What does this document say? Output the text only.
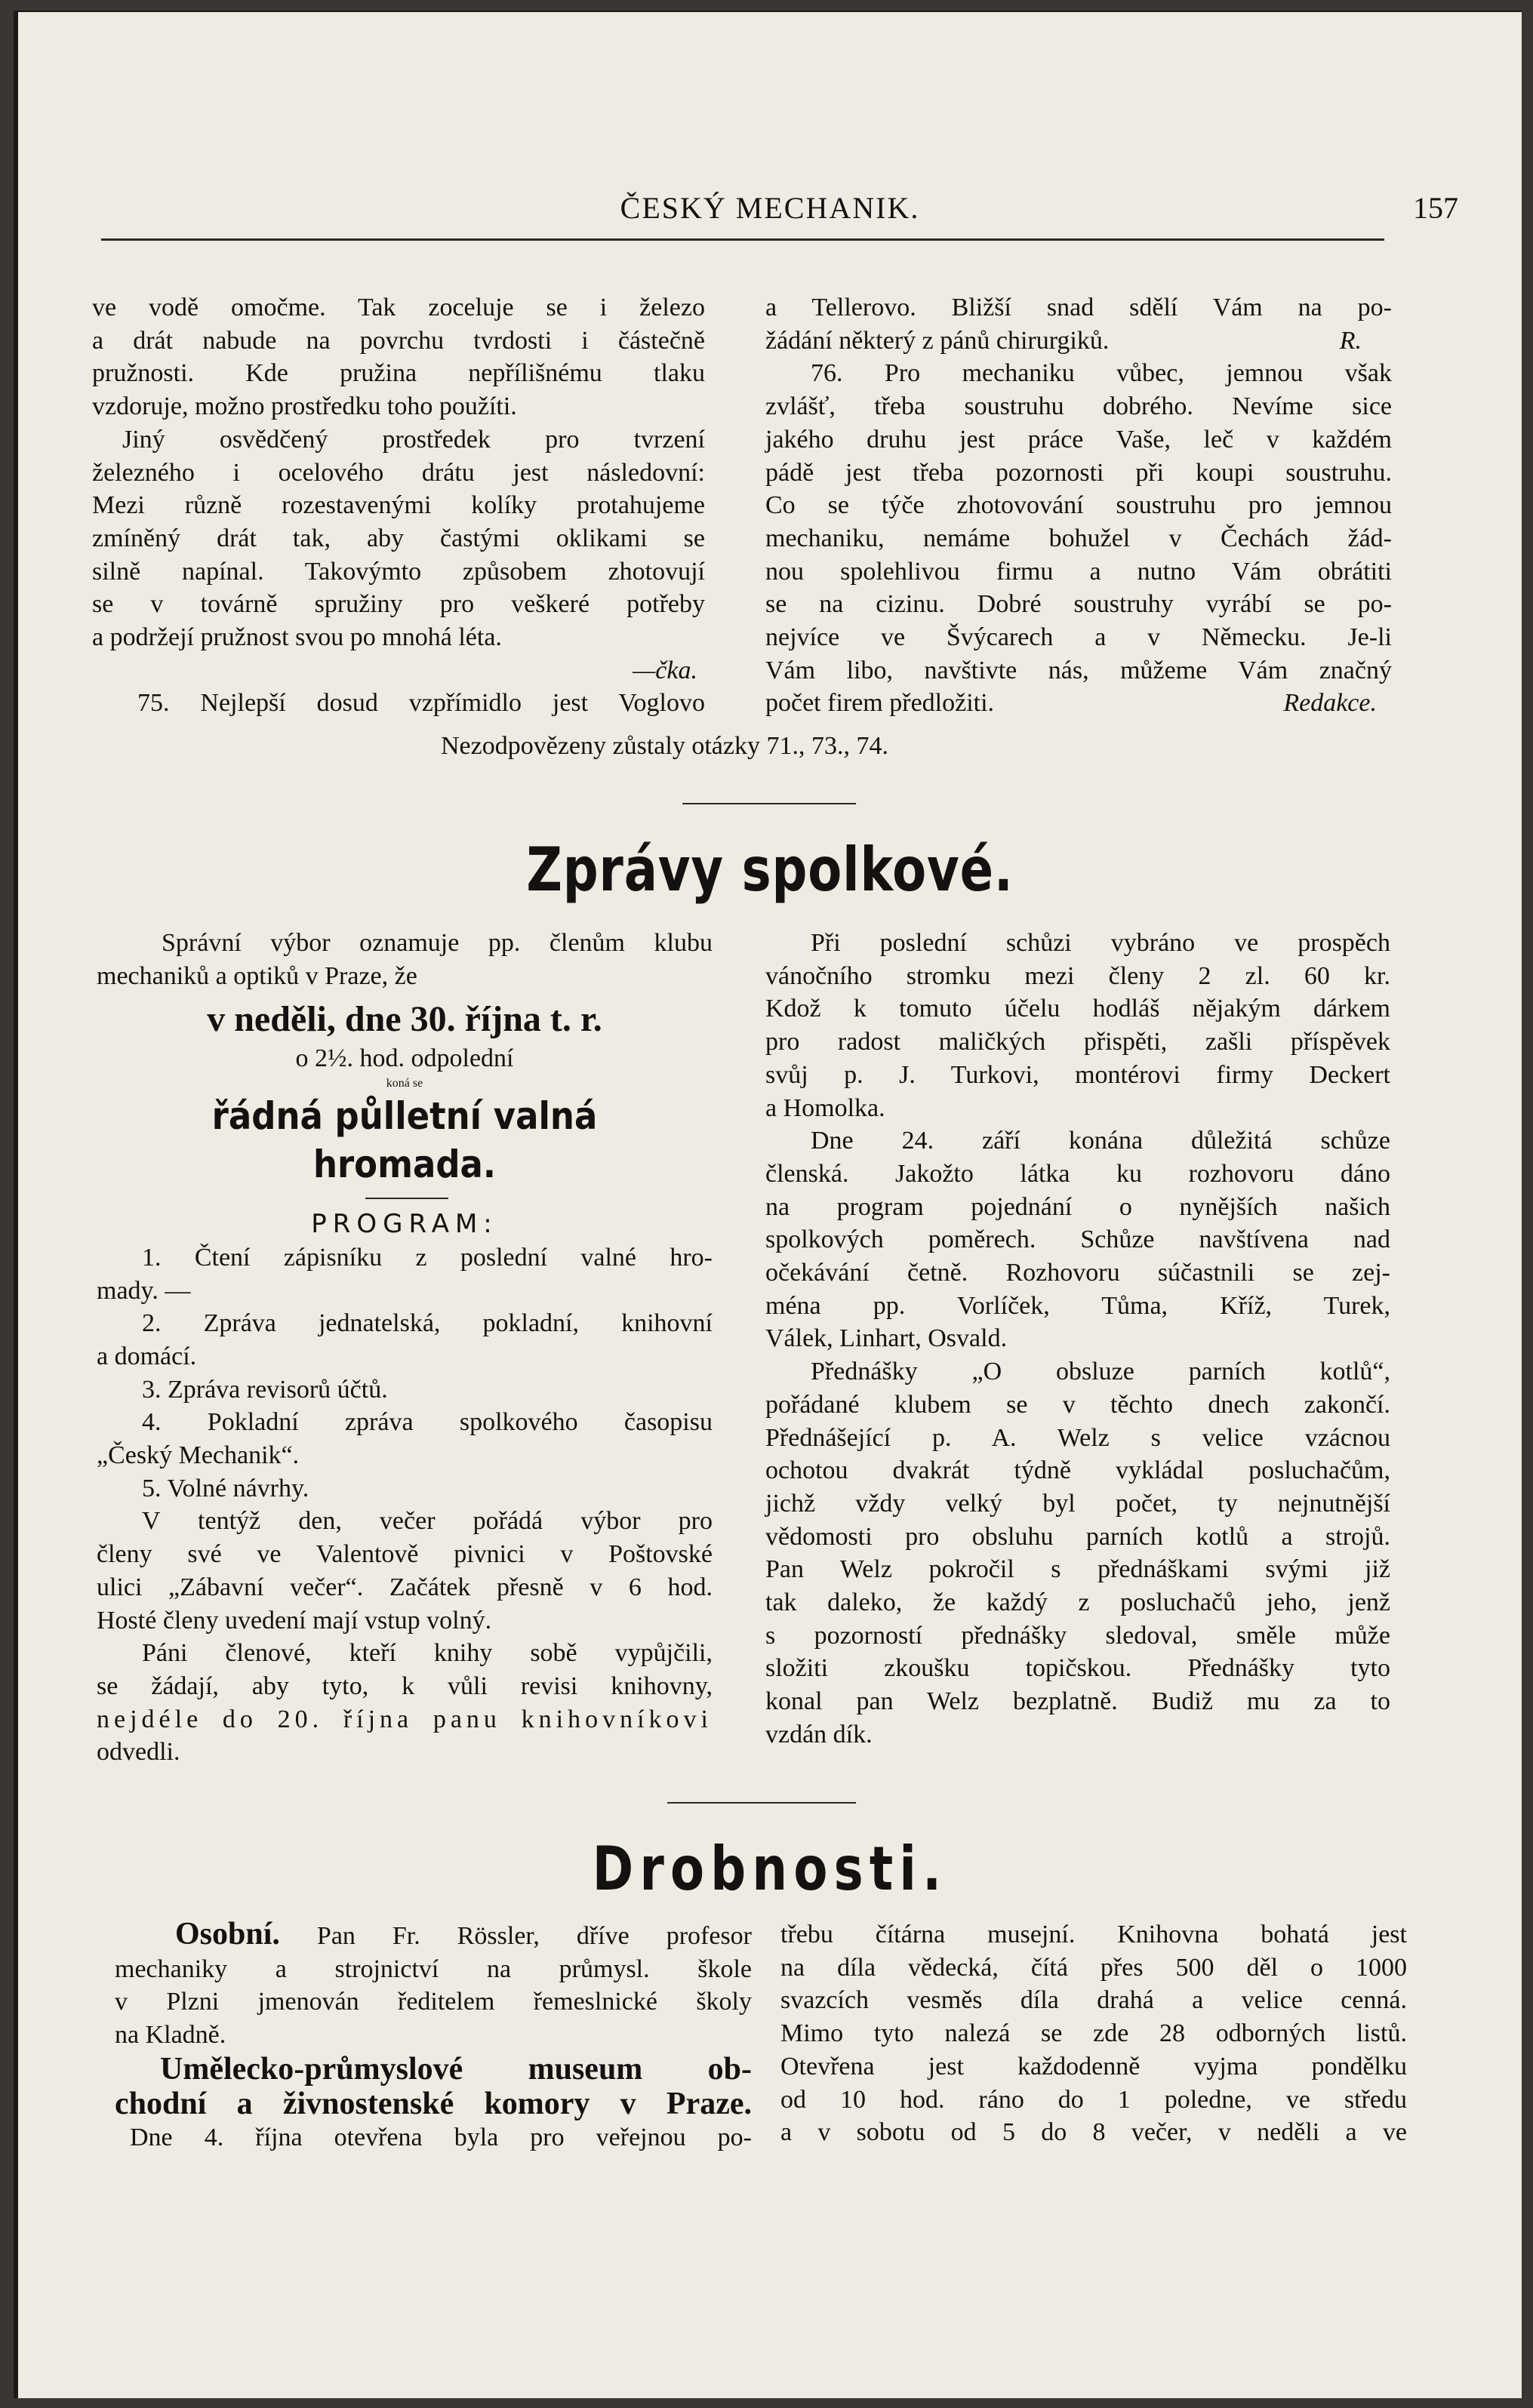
ČESKÝ MECHANIK.	157
ve vodě omočme. Tak zoceluje se i železo
a drát nabude na povrchu tvrdosti i částečně
pružnosti. Kde pružina nepřílišnému tlaku
vzdoruje, možno prostředku toho použíti.
Jiný osvědčený prostředek pro tvrzení
železného i ocelového drátu jest následovní:
Mezi různě rozestavenými kolíky protahujeme
zmíněný drát tak, aby častými oklikami se
silně napínal. Takovýmto způsobem zhotovují
se v továrně spružiny pro veškeré potřeby
a podržejí pružnost svou po mnohá léta.
—čka.
75. Nejlepší dosud vzpřímidlo jest Voglovo
a Tellerovo. Bližší snad sdělí Vám na po-
žádání některý z pánů chirurgiků.	R.
76. Pro mechaniku vůbec, jemnou však
zvlášť, třeba soustruhu dobrého. Nevíme sice
jakého druhu jest práce Vaše, leč v každém
pádě jest třeba pozornosti při koupi soustruhu.
Co se týče zhotovování soustruhu pro jemnou
mechaniku, nemáme bohužel v Čechách žád-
nou spolehlivou firmu a nutno Vám obrátiti
se na cizinu. Dobré soustruhy vyrábí se po-
nejvíce ve Švýcarech a v Německu. Je-li
Vám libo, navštivte nás, můžeme Vám značný
počet firem předložiti.	Redakce.
Nezodpovězeny zůstaly otázky 71., 73., 74.
Zprávy spolkové.
Správní výbor oznamuje pp. členům klubu
mechaniků a optiků v Praze, že
v neděli, dne 30. října t. r.
o 2½. hod. odpolední
koná se
řádná půlletní valná hromada.
PROGRAM:
1. Čtení zápisníku z poslední valné hro-
mady. —
2. Zpráva jednatelská, pokladní, knihovní
a domácí.
3. Zpráva revisorů účtů.
4. Pokladní zpráva spolkového časopisu
„Český Mechanik“.
5. Volné návrhy.
V tentýž den, večer pořádá výbor pro
členy své ve Valentově pivnici v Poštovské
ulici „Zábavní večer“. Začátek přesně v 6 hod.
Hosté členy uvedení mají vstup volný.
Páni členové, kteří knihy sobě vypůjčili,
se žádají, aby tyto, k vůli revisi knihovny,
nejdéle do 20. října panu knihovníkovi
odvedli.
Při poslední schůzi vybráno ve prospěch
vánočního stromku mezi členy 2 zl. 60 kr.
Kdož k tomuto účelu hodláš nějakým dárkem
pro radost maličkých přispěti, zašli příspěvek
svůj p. J. Turkovi, montérovi firmy Deckert
a Homolka.
Dne 24. září konána důležitá schůze
členská. Jakožto látka ku rozhovoru dáno
na program pojednání o nynějších našich
spolkových poměrech. Schůze navštívena nad
očekávání četně. Rozhovoru súčastnili se zej-
ména pp. Vorlíček, Tůma, Kříž, Turek,
Válek, Linhart, Osvald.
Přednášky „O obsluze parních kotlů“,
pořádané klubem se v těchto dnech zakončí.
Přednášející p. A. Welz s velice vzácnou
ochotou dvakrát týdně vykládal posluchačům,
jichž vždy velký byl počet, ty nejnutnější
vědomosti pro obsluhu parních kotlů a strojů.
Pan Welz pokročil s přednáškami svými již
tak daleko, že každý z posluchačů jeho, jenž
s pozorností přednášky sledoval, směle může
složiti zkoušku topičskou. Přednášky tyto
konal pan Welz bezplatně. Budiž mu za to
vzdán dík.
Drobnosti.
Osobní. Pan Fr. Rössler, dříve profesor
mechaniky a strojnictví na průmysl. škole
v Plzni jmenován ředitelem řemeslnické školy
na Kladně.
Umělecko-průmyslové museum ob-
chodní a živnostenské komory v Praze.
Dne 4. října otevřena byla pro veřejnou po-
třebu čítárna musejní. Knihovna bohatá jest
na díla vědecká, čítá přes 500 děl o 1000
svazcích vesměs díla drahá a velice cenná.
Mimo tyto nalezá se zde 28 odborných listů.
Otevřena jest každodenně vyjma pondělku
od 10 hod. ráno do 1 poledne, ve středu
a v sobotu od 5 do 8 večer, v neděli a ve
